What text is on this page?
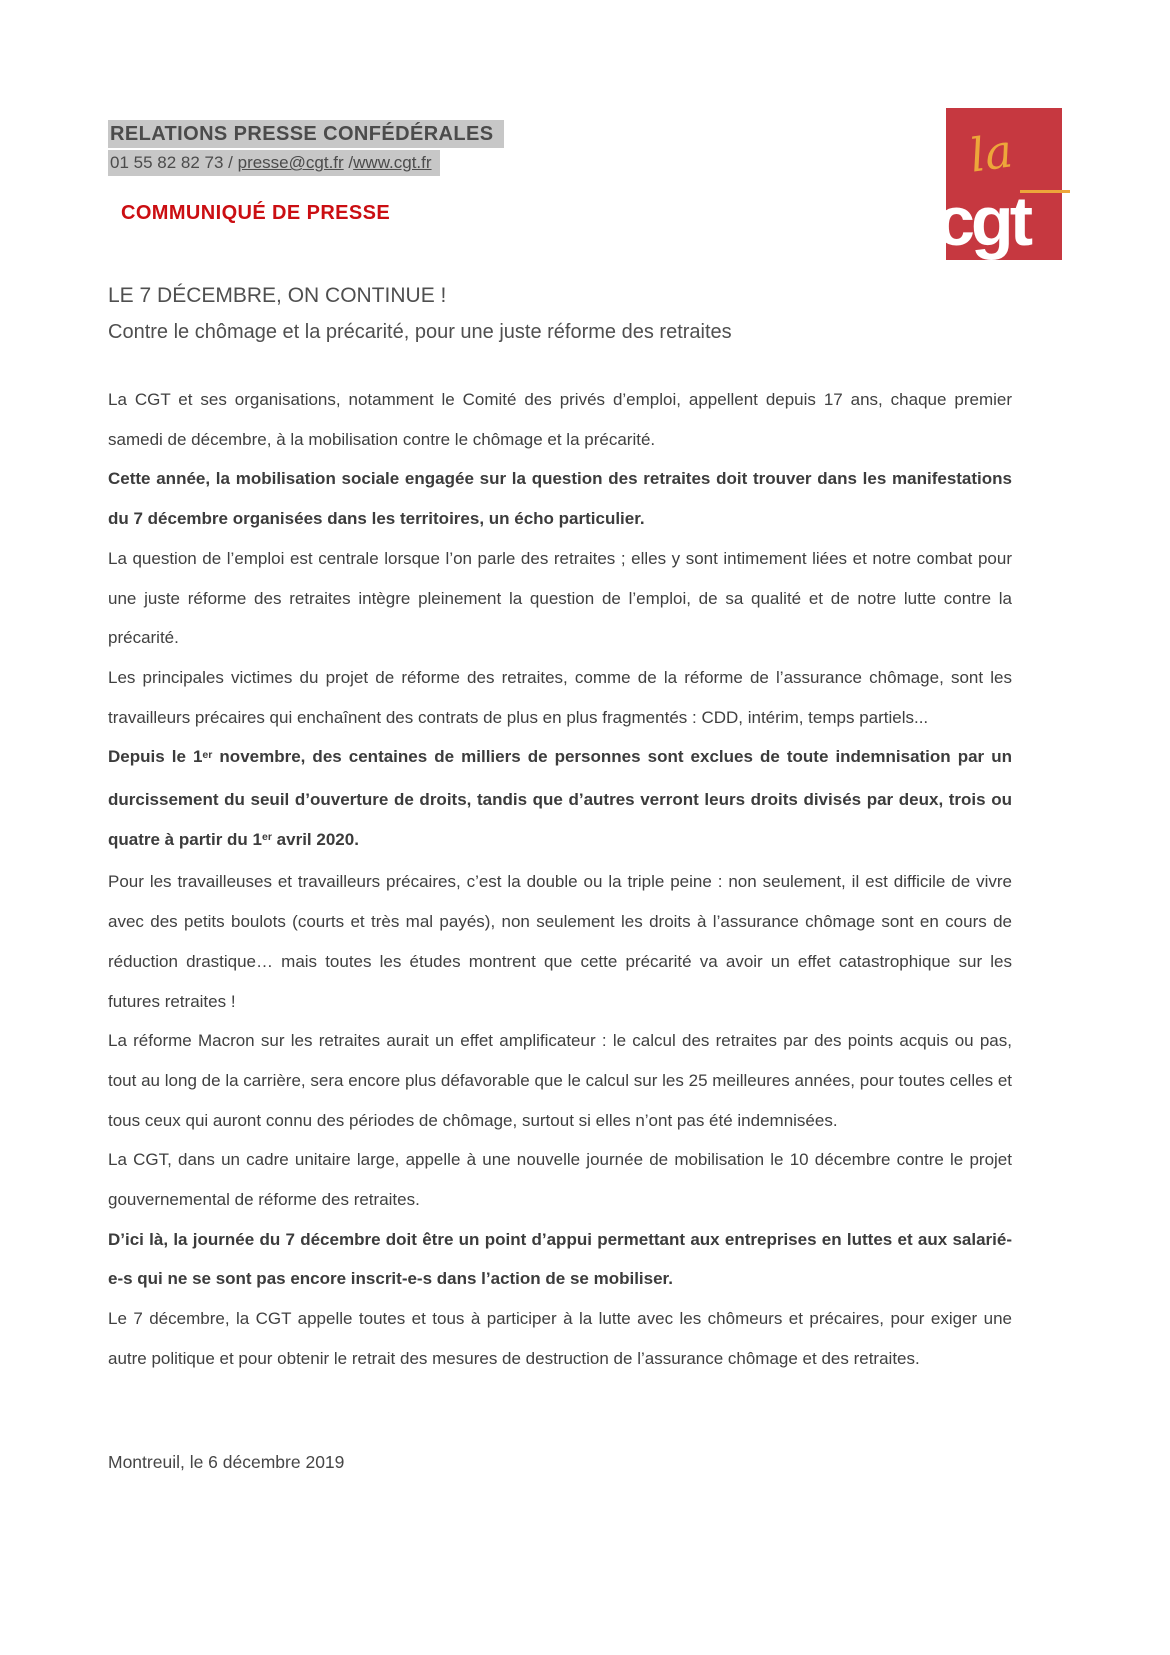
RELATIONS PRESSE CONFÉDÉRALES
01 55 82 82 73 / presse@cgt.fr /www.cgt.fr
COMMUNIQUÉ DE PRESSE
la
cgt
LE 7 DÉCEMBRE, ON CONTINUE !
Contre le chômage et la précarité, pour une juste réforme des retraites

La CGT et ses organisations, notamment le Comité des privés d’emploi, appellent depuis 17 ans, chaque premier samedi de décembre, à la mobilisation contre le chômage et la précarité.

Cette année, la mobilisation sociale engagée sur la question des retraites doit trouver dans les manifestations du 7 décembre organisées dans les territoires, un écho particulier.

La question de l’emploi est centrale lorsque l’on parle des retraites ; elles y sont intimement liées et notre combat pour une juste réforme des retraites intègre pleinement la question de l’emploi, de sa qualité et de notre lutte contre la précarité.

Les principales victimes du projet de réforme des retraites, comme de la réforme de l’assurance chômage, sont les travailleurs précaires qui enchaînent des contrats de plus en plus fragmentés : CDD, intérim, temps partiels...

Depuis le 1er novembre, des centaines de milliers de personnes sont exclues de toute indemnisation par un durcissement du seuil d’ouverture de droits, tandis que d’autres verront leurs droits divisés par deux, trois ou quatre à partir du 1er avril 2020.

Pour les travailleuses et travailleurs précaires, c’est la double ou la triple peine : non seulement, il est difficile de vivre avec des petits boulots (courts et très mal payés), non seulement les droits à l’assurance chômage sont en cours de réduction drastique… mais toutes les études montrent que cette précarité va avoir un effet catastrophique sur les futures retraites !

La réforme Macron sur les retraites aurait un effet amplificateur : le calcul des retraites par des points acquis ou pas, tout au long de la carrière, sera encore plus défavorable que le calcul sur les 25 meilleures années, pour toutes celles et tous ceux qui auront connu des périodes de chômage, surtout si elles n’ont pas été indemnisées.

La CGT, dans un cadre unitaire large, appelle à une nouvelle journée de mobilisation le 10 décembre contre le projet gouvernemental de réforme des retraites.

D’ici là, la journée du 7 décembre doit être un point d’appui permettant aux entreprises en luttes et aux salarié-e-s qui ne se sont pas encore inscrit-e-s dans l’action de se mobiliser.

Le 7 décembre, la CGT appelle toutes et tous à participer à la lutte avec les chômeurs et précaires, pour exiger une autre politique et pour obtenir le retrait des mesures de destruction de l’assurance chômage et des retraites.

Montreuil, le 6 décembre 2019
